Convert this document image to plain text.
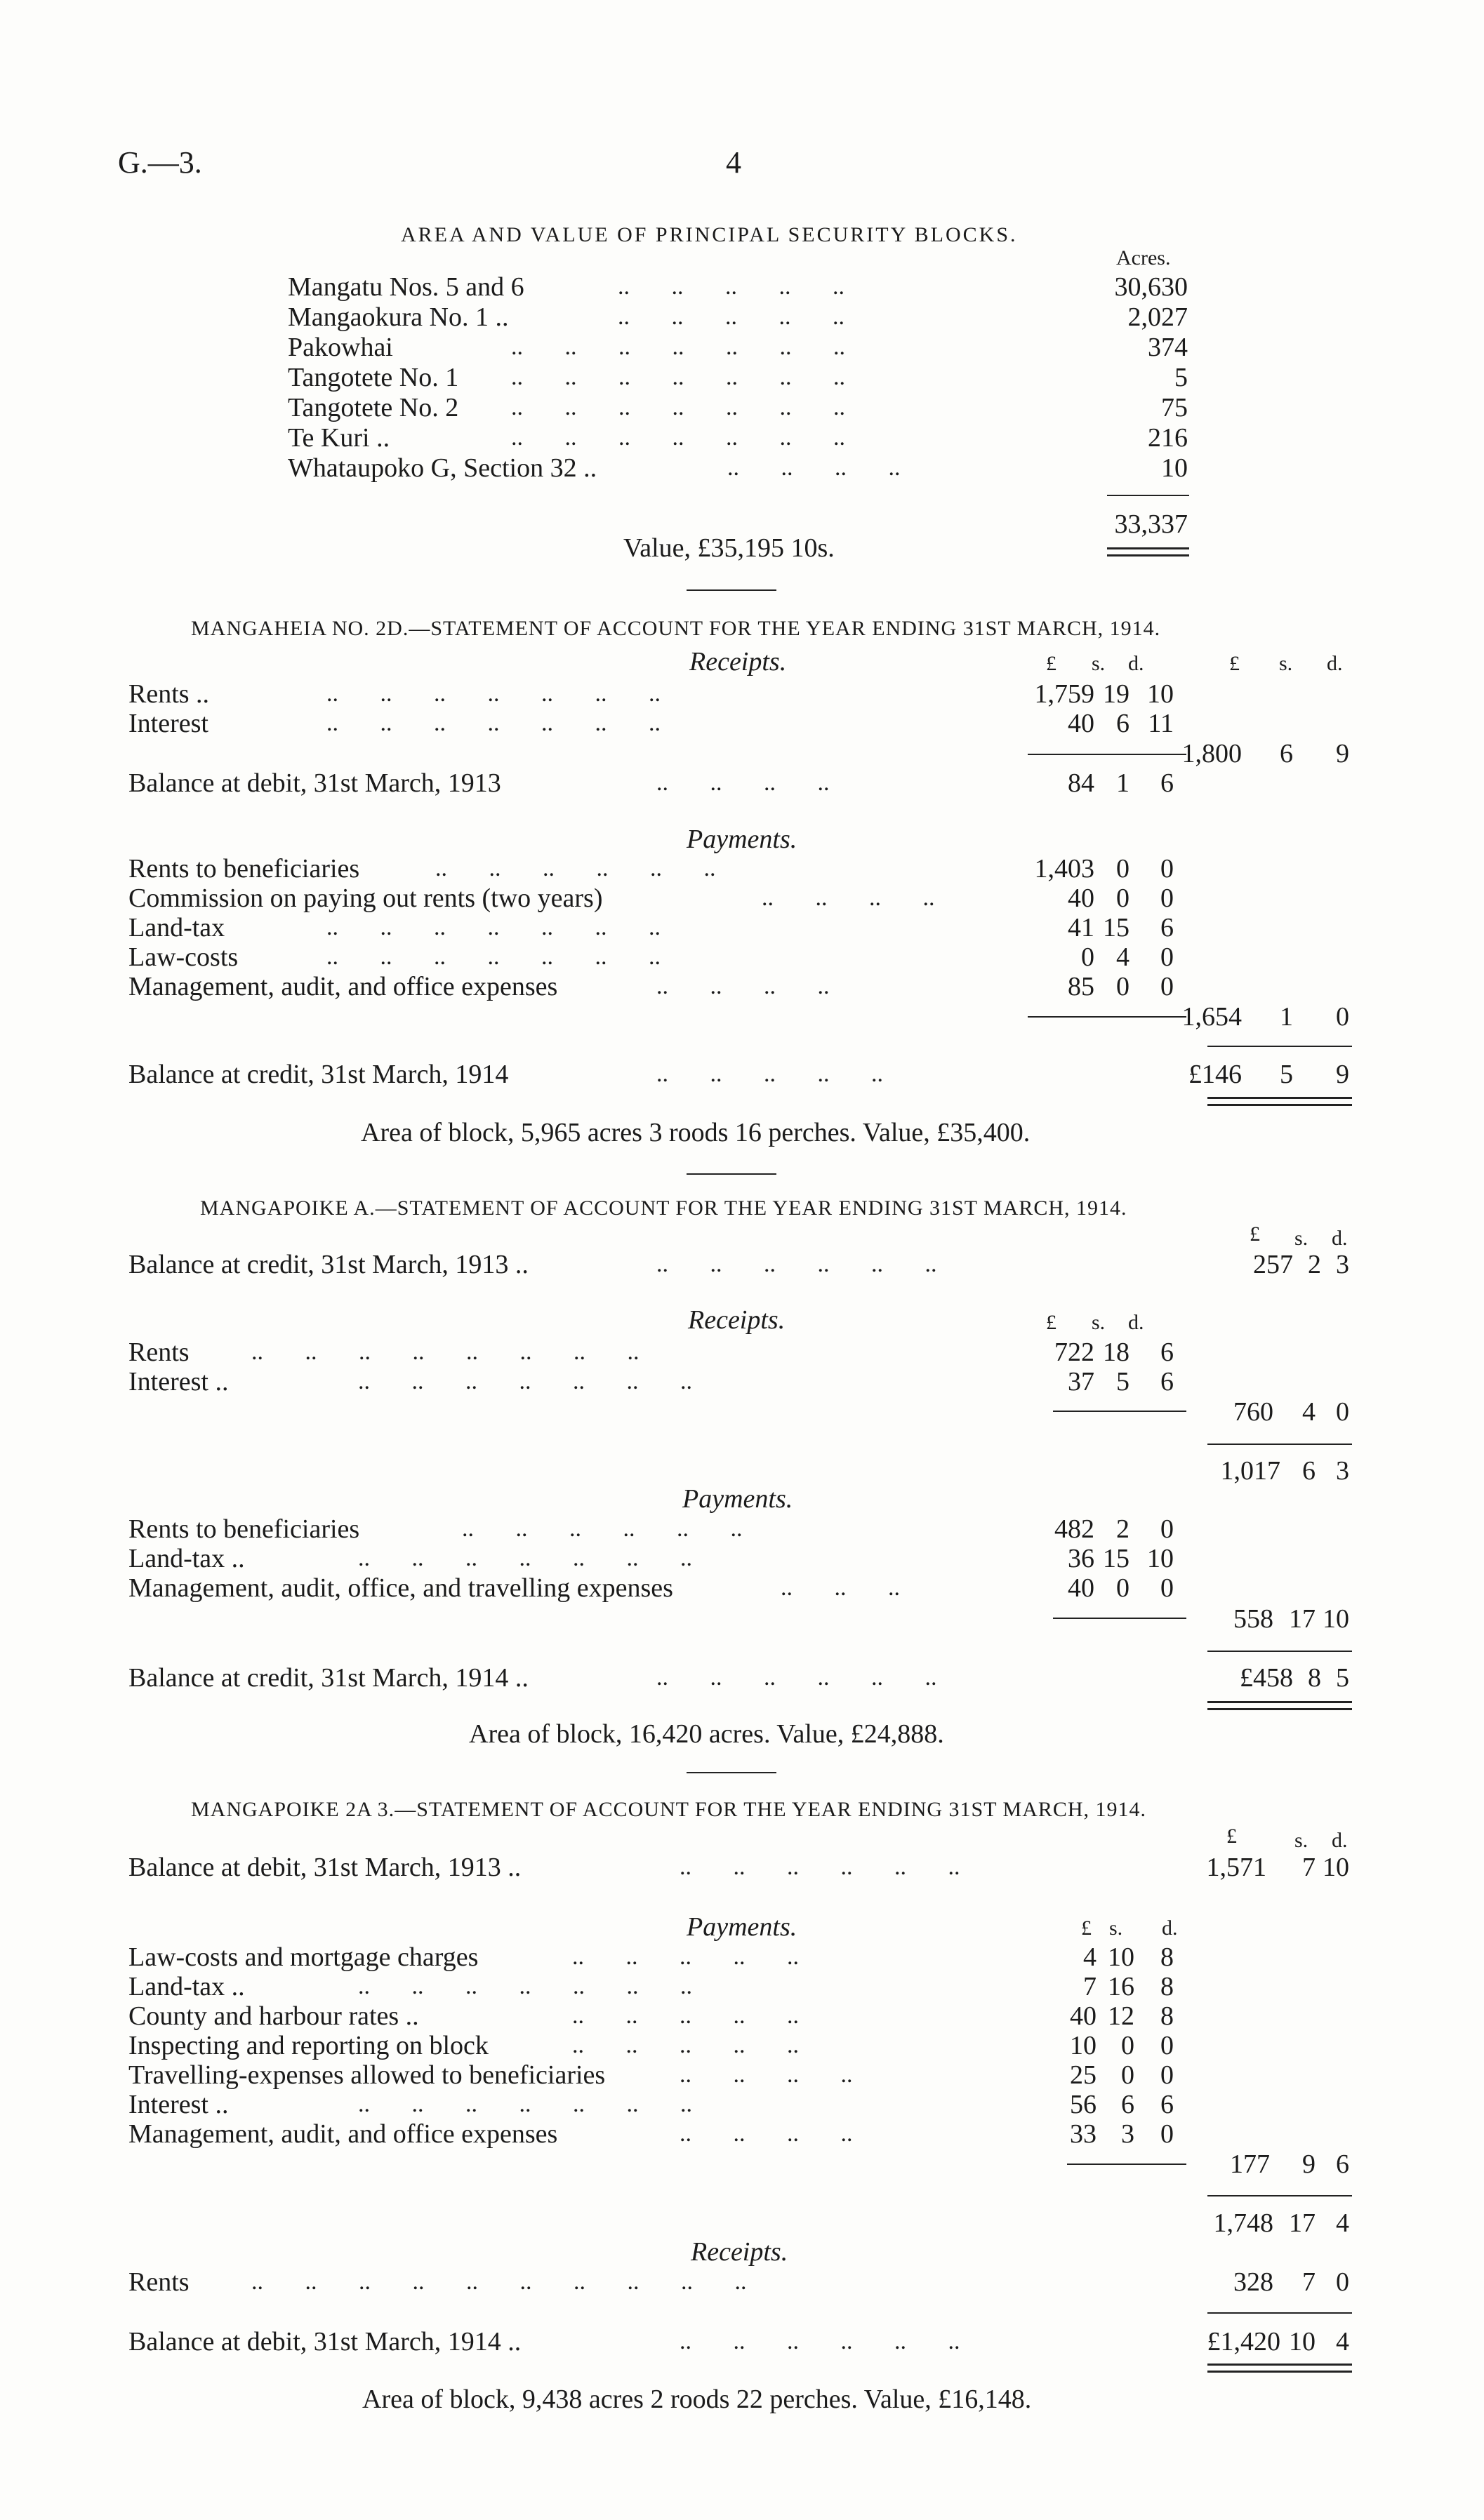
G.—3.	4
AREA AND VALUE OF PRINCIPAL SECURITY BLOCKS.
Acres.
Mangatu Nos. 5 and 6	..       ..       ..       ..       ..	30,630
Mangaokura No. 1 ..	..       ..       ..       ..       ..	2,027
Pakowhai	..       ..       ..       ..       ..       ..       ..	374
Tangotete No. 1 ..       ..       ..       ..       ..       ..       ..	5
Tangotete No. 2 ..       ..       ..       ..       ..       ..       ..	75
Te Kuri ..	..       ..       ..       ..       ..       ..       ..	216
Whataupoko G, Section 32 ..	..       ..       ..       ..	10
33,337
Value, £35,195 10s.
MANGAHEIA NO. 2D.—STATEMENT OF ACCOUNT FOR THE YEAR ENDING 31ST MARCH, 1914.
Receipts.	£ s. d.	£ s. d.
Rents ..	..       ..       ..       ..       ..       ..       ..	1,759 19 10
Interest	..       ..       ..       ..       ..       ..       ..	40 6 11
1,800 6 9
Balance at debit, 31st March, 1913	..       ..       ..       ..	84 1 6
Payments.
Rents to beneficiaries	..       ..       ..       ..       ..       ..	1,403 0 0
Commission on paying out rents (two years)	..       ..       ..       ..	40 0 0
Land-tax	..       ..       ..       ..       ..       ..       ..	41 15 6
Law-costs	..       ..       ..       ..       ..       ..       ..	0 4 0
Management, audit, and office expenses	..       ..       ..       ..	85 0 0
1,654 1 0
Balance at credit, 31st March, 1914	..       ..       ..       ..       ..	£146 5 9
Area of block, 5,965 acres 3 roods 16 perches. Value, £35,400.
MANGAPOIKE A.—STATEMENT OF ACCOUNT FOR THE YEAR ENDING 31ST MARCH, 1914.
£ s. d.
Balance at credit, 31st March, 1913 ..	..       ..       ..       ..       ..       ..	257 2 3
Receipts.	£ s. d.
Rents	..       ..       ..       ..       ..       ..       ..       ..	722 18 6
Interest ..	..       ..       ..       ..       ..       ..       ..	37 5 6
760 4 0
1,017 6 3
Payments.
Rents to beneficiaries	..       ..       ..       ..       ..       ..	482 2 0
Land-tax ..	..       ..       ..       ..       ..       ..       ..	36 15 10
Management, audit, office, and travelling expenses	..       ..       ..	40 0 0
558 17 10
Balance at credit, 31st March, 1914 ..	..       ..       ..       ..       ..       ..	£458 8 5
Area of block, 16,420 acres. Value, £24,888.
MANGAPOIKE 2A 3.—STATEMENT OF ACCOUNT FOR THE YEAR ENDING 31ST MARCH, 1914.
£	s. d.
Balance at debit, 31st March, 1913 ..	..       ..       ..       ..       ..       ..	1,571 7 10
Payments.	£ s. d.
Law-costs and mortgage charges	..       ..       ..       ..       ..	4 10 8
Land-tax ..	..       ..       ..       ..       ..       ..       ..	7 16 8
County and harbour rates ..	..       ..       ..       ..       ..	40 12 8
Inspecting and reporting on block	..       ..       ..       ..       ..	10 0 0
Travelling-expenses allowed to beneficiaries	..       ..       ..       ..	25 0 0
Interest ..	..       ..       ..       ..       ..       ..       ..	56 6 6
Management, audit, and office expenses	..       ..       ..       ..	33 3 0
177 9 6
1,748 17 4
Receipts.
Rents	..       ..       ..       ..       ..       ..       ..       ..       ..       ..	328 7 0
Balance at debit, 31st March, 1914 ..	..       ..       ..       ..       ..       ..	£1,420 10 4
Area of block, 9,438 acres 2 roods 22 perches. Value, £16,148.
